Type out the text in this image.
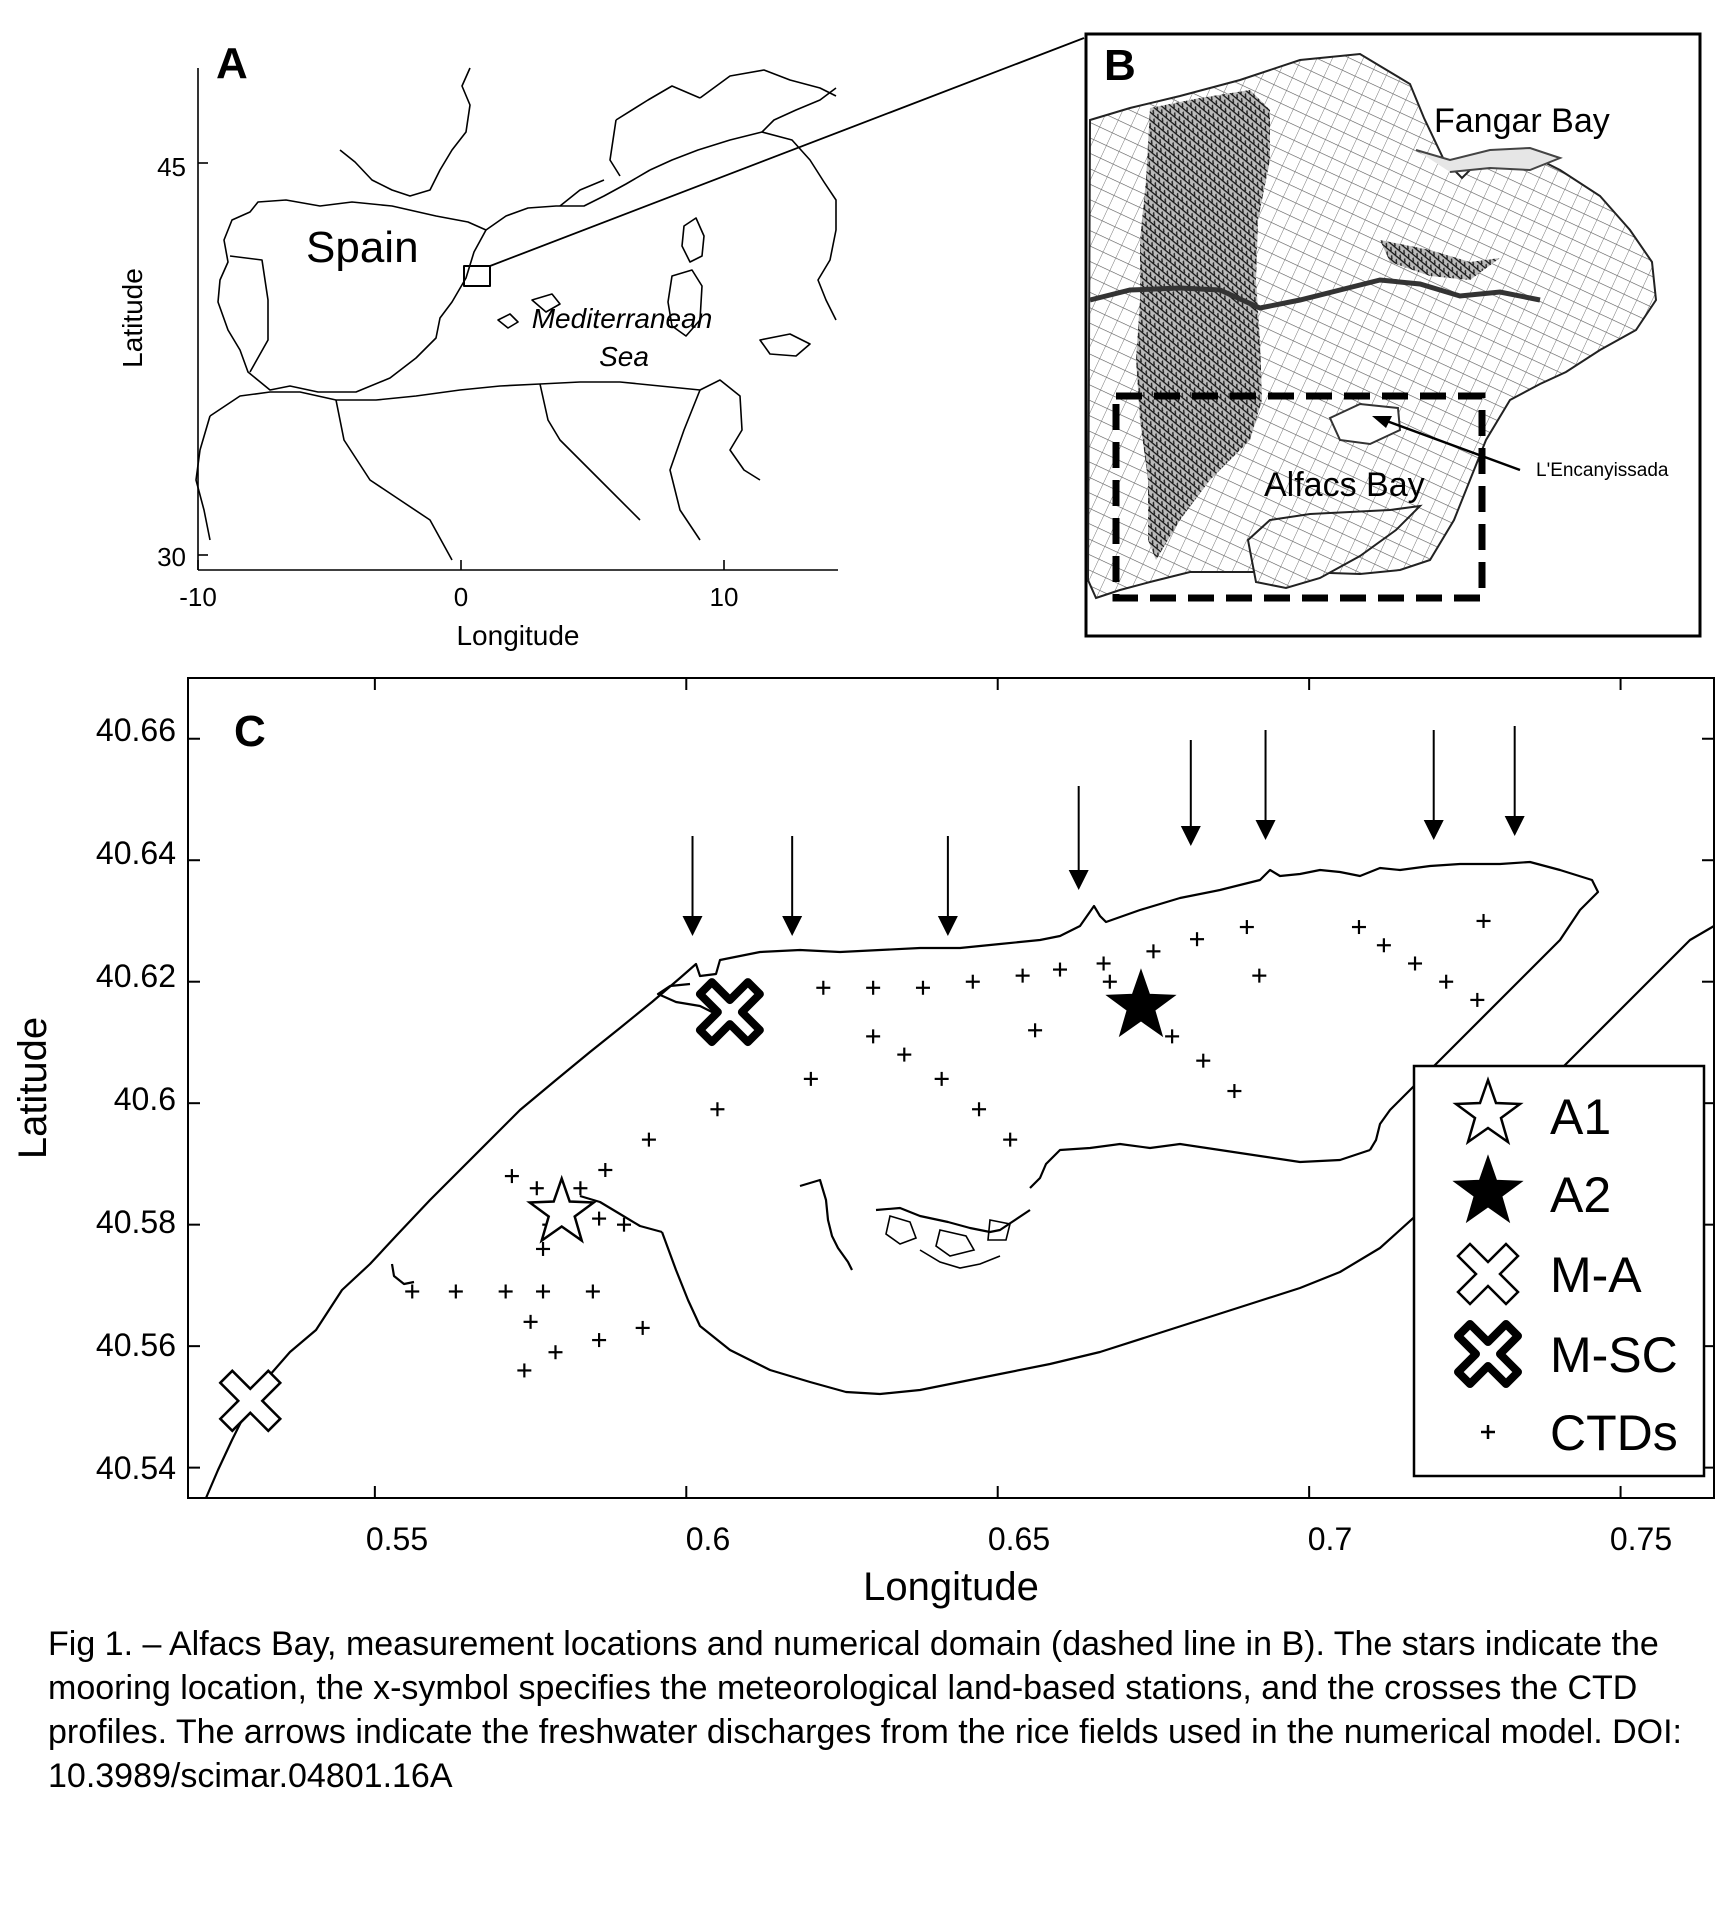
A
45
30
-10	0	10
Longitude
Latitude
Spain
Mediterranean
Sea
B
Fangar Bay
Alfacs Bay	L'Encanyissada
0.55	0.6	0.65	0.7	0.75
40.66
40.64
40.62
40.6
40.58
40.56
40.54
Longitude
Latitude
C
A1
A2
M-A
M-SC
CTDs

Fig 1. – Alfacs Bay, measurement locations and numerical domain (dashed line in B). The stars indicate the mooring location, the x-symbol specifies the meteorological land-based stations, and the crosses the CTD profiles. The arrows indicate the freshwater discharges from the rice fields used in the numerical model. DOI: 10.3989/scimar.04801.16A
